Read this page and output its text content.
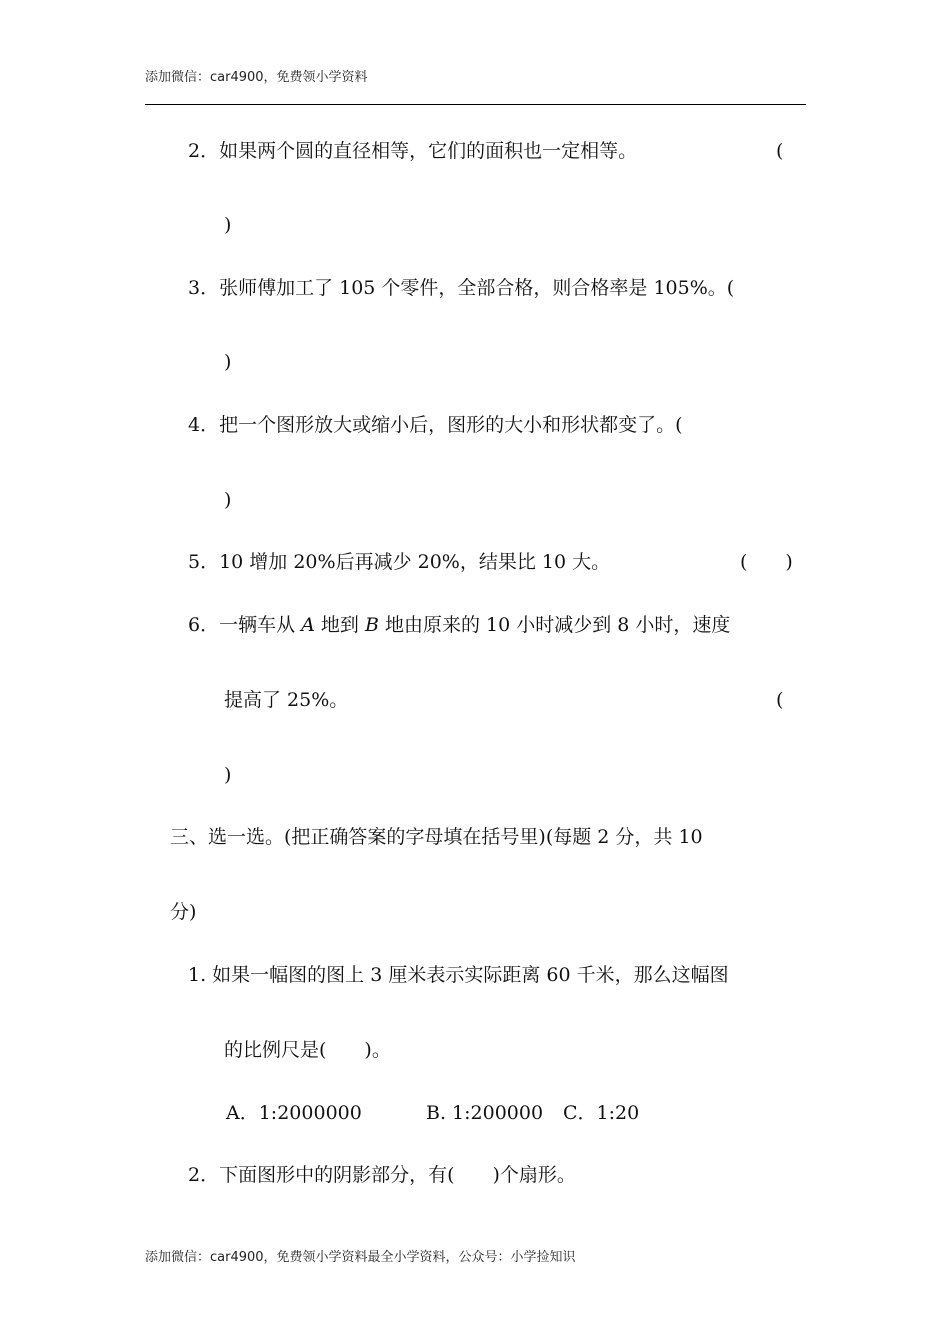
添加微信：car4900，免费领小学资料
2．如果两个圆的直径相等，它们的面积也一定相等。	(
)
3．张师傅加工了 105 个零件，全部合格，则合格率是 105%。(
)
4．把一个图形放大或缩小后，图形的大小和形状都变了。(
)
5．10 增加 20%后再减少 20%，结果比 10 大。	(　　)
6．一辆车从 A 地到 B 地由原来的 10 小时减少到 8 小时，速度
提高了 25%。	(
)
三、选一选。(把正确答案的字母填在括号里)(每题 2 分，共 10
分)
1. 如果一幅图的图上 3 厘米表示实际距离 60 千米，那么这幅图
的比例尺是(　　)。
A．1:2000000	B. 1:200000 C．1:20
2．下面图形中的阴影部分，有(　　)个扇形。
添加微信：car4900，免费领小学资料最全小学资料，公众号：小学捡知识
